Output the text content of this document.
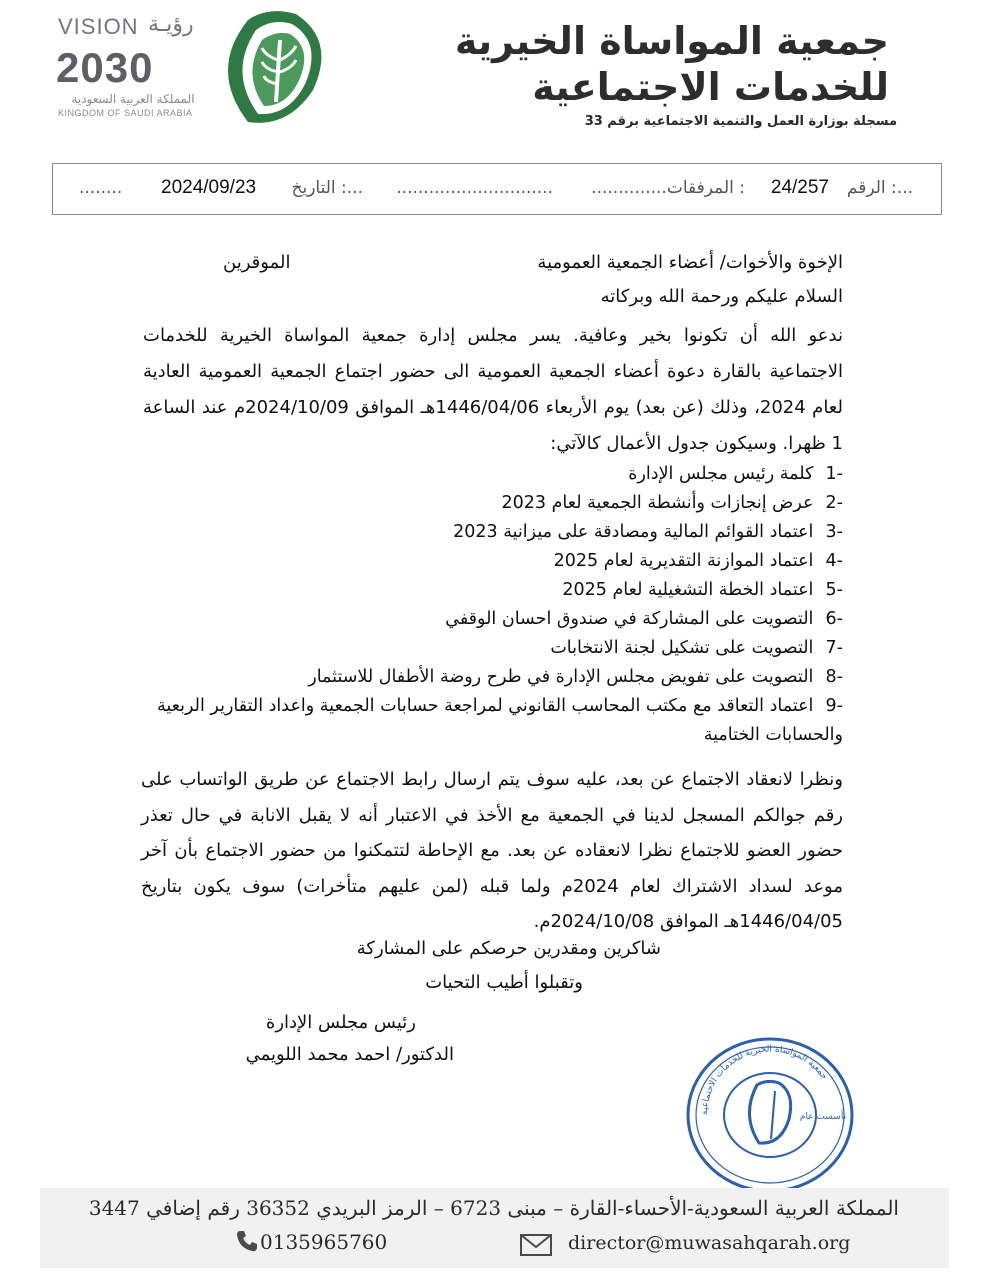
VISION رؤيـة
2030
المملكة العربية السعودية
KINGDOM OF SAUDI ARABIA
جمعية المواساة الخيرية
للخدمات الاجتماعية
مسجلة بوزارة العمل والتنمية الاجتماعية برقم 33
الرقم :...
24/257
..............المرفقات :
.............................
التاريخ :...
2024/09/23
........
الإخوة والأخوات/ أعضاء الجمعية العمومية
الموقرين
السلام عليكم ورحمة الله وبركاته
ندعو الله أن تكونوا بخير وعافية. يسر مجلس إدارة جمعية المواساة الخيرية للخدمات الاجتماعية بالقارة دعوة أعضاء الجمعية العمومية الى حضور اجتماع الجمعية العمومية العادية لعام 2024، وذلك (عن بعد) يوم الأربعاء 1446/04/06هـ الموافق 2024/10/09م عند الساعة 1 ظهرا. وسيكون جدول الأعمال كالآتي:
-1 كلمة رئيس مجلس الإدارة
-2 عرض إنجازات وأنشطة الجمعية لعام 2023
-3 اعتماد القوائم المالية ومصادقة على ميزانية 2023
-4 اعتماد الموازنة التقديرية لعام 2025
-5 اعتماد الخطة التشغيلية لعام 2025
-6 التصويت على المشاركة في صندوق احسان الوقفي
-7 التصويت على تشكيل لجنة الانتخابات
-8 التصويت على تفويض مجلس الإدارة في طرح روضة الأطفال للاستثمار
-9 اعتماد التعاقد مع مكتب المحاسب القانوني لمراجعة حسابات الجمعية واعداد التقارير الربعية والحسابات الختامية
ونظرا لانعقاد الاجتماع عن بعد، عليه سوف يتم ارسال رابط الاجتماع عن طريق الواتساب على رقم جوالكم المسجل لدينا في الجمعية مع الأخذ في الاعتبار أنه لا يقبل الانابة في حال تعذر حضور العضو للاجتماع نظرا لانعقاده عن بعد. مع الإحاطة لتتمكنوا من حضور الاجتماع بأن آخر موعد لسداد الاشتراك لعام 2024م ولما قبله (لمن عليهم متأخرات) سوف يكون بتاريخ 1446/04/05هـ الموافق 2024/10/08م.
شاكرين ومقدرين حرصكم على المشاركة
وتقبلوا أطيب التحيات
رئيس مجلس الإدارة
الدكتور/ احمد محمد اللويمي
جمعية المواساة الخيرية للخدمات الاجتماعية
تأسست عام
المملكة العربية السعودية-الأحساء-القارة – مبنى 6723 – الرمز البريدي 36352 رقم إضافي 3447
0135965760	director@muwasahqarah.org
